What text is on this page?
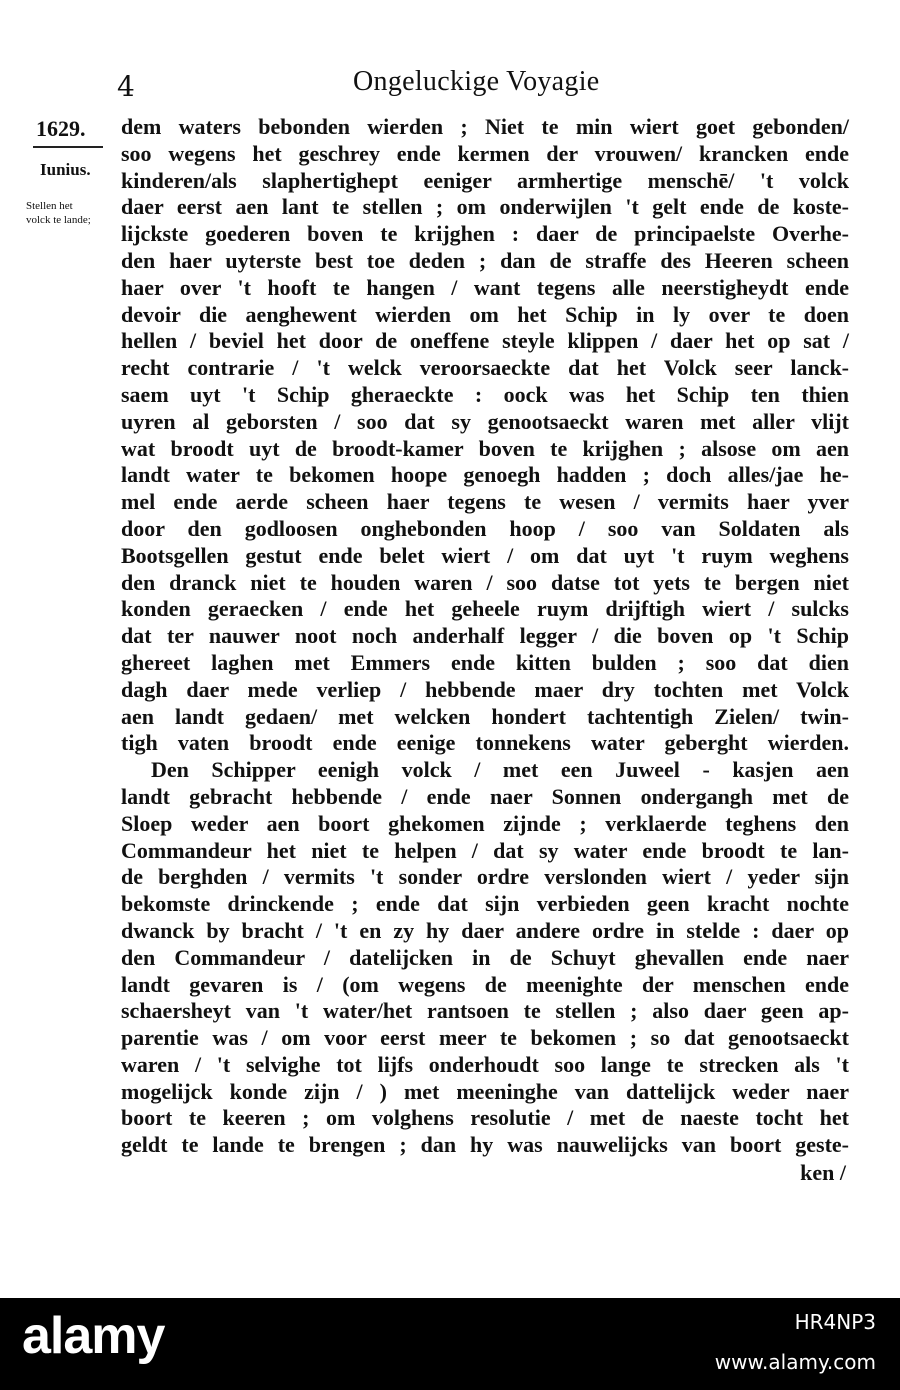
4	Ongeluckige Voyagie
1629.
Iunius.
Stellen het volck te lande;
dem waters bebonden wierden ; Niet te min wiert goet gebonden/
soo wegens het geschrey ende kermen der vrouwen/ krancken ende
kinderen/als slaphertighept eeniger armhertige menschē/ 't volck
daer eerst aen lant te stellen ; om onderwijlen 't gelt ende de koste-
lijckste goederen boven te krijghen : daer de principaelste Overhe-
den haer uyterste best toe deden ; dan de straffe des Heeren scheen
haer over 't hooft te hangen / want tegens alle neerstigheydt ende
devoir die aenghewent wierden om het Schip in ly over te doen
hellen / beviel het door de oneffene steyle klippen / daer het op sat /
recht contrarie / 't welck veroorsaeckte dat het Volck seer lanck-
saem uyt 't Schip gheraeckte : oock was het Schip ten thien
uyren al geborsten / soo dat sy genootsaeckt waren met aller vlijt
wat broodt uyt de broodt-kamer boven te krijghen ; alsose om aen
landt water te bekomen hoope genoegh hadden ; doch alles/jae he-
mel ende aerde scheen haer tegens te wesen / vermits haer yver
door den godloosen onghebonden hoop / soo van Soldaten als
Bootsgellen gestut ende belet wiert / om dat uyt 't ruym weghens
den dranck niet te houden waren / soo datse tot yets te bergen niet
konden geraecken / ende het geheele ruym drijftigh wiert / sulcks
dat ter nauwer noot noch anderhalf legger / die boven op 't Schip
ghereet laghen met Emmers ende kitten bulden ; soo dat dien
dagh daer mede verliep / hebbende maer dry tochten met Volck
aen landt gedaen/ met welcken hondert tachtentigh Zielen/ twin-
tigh vaten broodt ende eenige tonnekens water geberght wierden.
Den Schipper eenigh volck / met een Juweel - kasjen aen
landt gebracht hebbende / ende naer Sonnen ondergangh met de
Sloep weder aen boort ghekomen zijnde ; verklaerde teghens den
Commandeur het niet te helpen / dat sy water ende broodt te lan-
de berghden / vermits 't sonder ordre verslonden wiert / yeder sijn
bekomste drinckende ; ende dat sijn verbieden geen kracht nochte
dwanck by bracht / 't en zy hy daer andere ordre in stelde : daer op
den Commandeur / datelijcken in de Schuyt ghevallen ende naer
landt gevaren is / (om wegens de meenighte der menschen ende
schaersheyt van 't water/het rantsoen te stellen ; also daer geen ap-
parentie was / om voor eerst meer te bekomen ; so dat genootsaeckt
waren / 't selvighe tot lijfs onderhoudt soo lange te strecken als 't
mogelijck konde zijn / ) met meeninghe van dattelijck weder naer
boort te keeren ; om volghens resolutie / met de naeste tocht het
geldt te lande te brengen ; dan hy was nauwelijcks van boort geste-
ken /
alamy	HR4NP3
www.alamy.com
